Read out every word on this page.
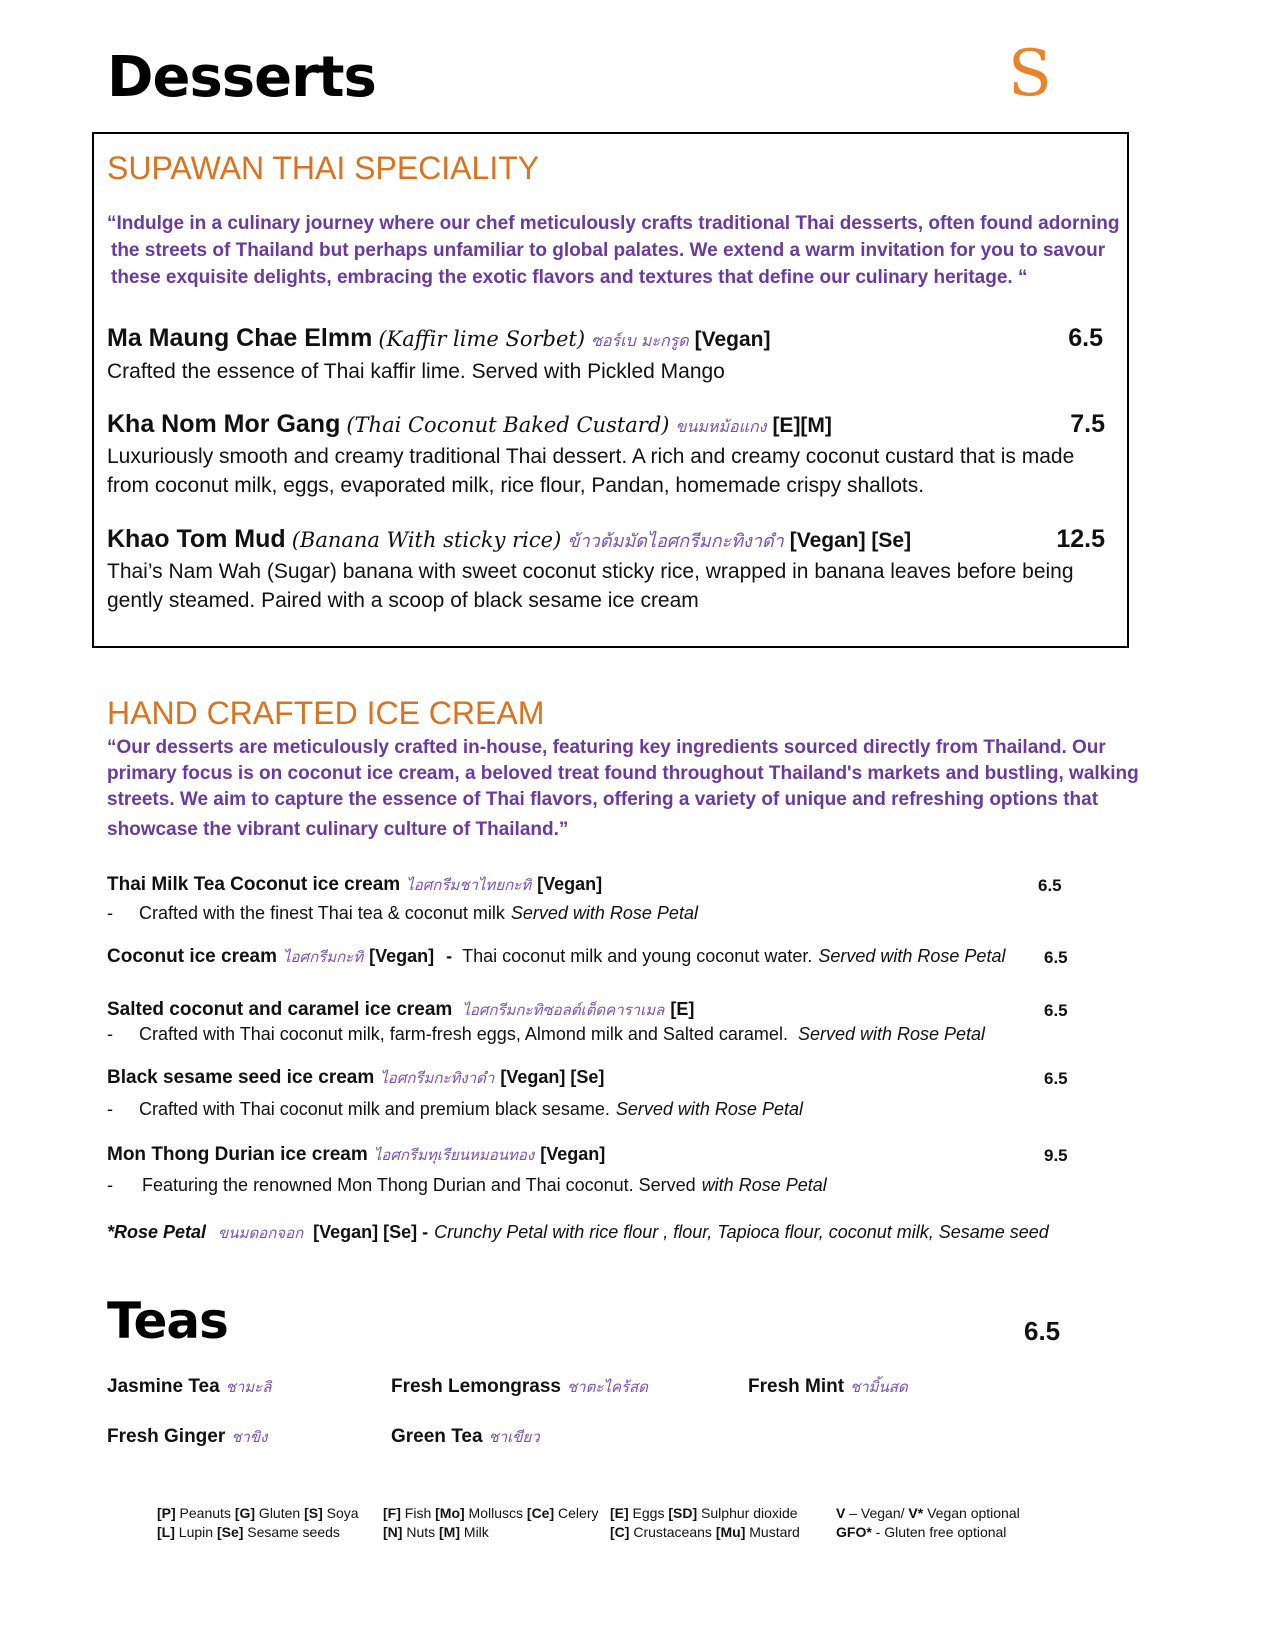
Desserts	S
SUPAWAN THAI SPECIALITY
“Indulge in a culinary journey where our chef meticulously crafts traditional Thai desserts, often found adorning
the streets of Thailand but perhaps unfamiliar to global palates. We extend a warm invitation for you to savour
these exquisite delights, embracing the exotic flavors and textures that define our culinary heritage. “
Ma Maung Chae Elmm (Kaffir lime Sorbet) ซอร์เบ มะกรูด [Vegan]	6.5
Crafted the essence of Thai kaffir lime. Served with Pickled Mango
Kha Nom Mor Gang (Thai Coconut Baked Custard) ขนมหม้อแกง [E][M]	7.5
Luxuriously smooth and creamy traditional Thai dessert. A rich and creamy coconut custard that is made
from coconut milk, eggs, evaporated milk, rice flour, Pandan, homemade crispy shallots.
Khao Tom Mud (Banana With sticky rice) ข้าวต้มมัดไอศกรีมกะทิงาดำ [Vegan] [Se]	12.5
Thai’s Nam Wah (Sugar) banana with sweet coconut sticky rice, wrapped in banana leaves before being
gently steamed. Paired with a scoop of black sesame ice cream
HAND CRAFTED ICE CREAM
“Our desserts are meticulously crafted in-house, featuring key ingredients sourced directly from Thailand. Our
primary focus is on coconut ice cream, a beloved treat found throughout Thailand's markets and bustling, walking
streets. We aim to capture the essence of Thai flavors, offering a variety of unique and refreshing options that
showcase the vibrant culinary culture of Thailand.”
Thai Milk Tea Coconut ice cream ไอศกรีมชาไทยกะทิ [Vegan]	6.5
-	Crafted with the finest Thai tea & coconut milk Served with Rose Petal
Coconut ice cream ไอศกรีมกะทิ [Vegan] - Thai coconut milk and young coconut water. Served with Rose Petal 6.5
Salted coconut and caramel ice cream ไอศกรีมกะทิซอลต์เต็ดคาราเมล [E]	6.5
-	Crafted with Thai coconut milk, farm-fresh eggs, Almond milk and Salted caramel. Served with Rose Petal
Black sesame seed ice cream ไอศกรีมกะทิงาดำ [Vegan] [Se]	6.5
-	Crafted with Thai coconut milk and premium black sesame. Served with Rose Petal
Mon Thong Durian ice cream ไอศกรีมทุเรียนหมอนทอง [Vegan]	9.5
-	Featuring the renowned Mon Thong Durian and Thai coconut. Served with Rose Petal
*Rose Petal ขนมดอกจอก [Vegan] [Se] - Crunchy Petal with rice flour , flour, Tapioca flour, coconut milk, Sesame seed
Teas	6.5
Jasmine Tea ชามะลิ	Fresh Lemongrass ชาตะไคร้สด	Fresh Mint ชามิ้นสด
Fresh Ginger ชาขิง	Green Tea ชาเขียว
[P] Peanuts [G] Gluten [S] Soya
[L] Lupin [Se] Sesame seeds
[F] Fish [Mo] Molluscs [Ce] Celery
[N] Nuts [M] Milk
[E] Eggs [SD] Sulphur dioxide
[C] Crustaceans [Mu] Mustard
V – Vegan/ V* Vegan optional
GFO* - Gluten free optional
